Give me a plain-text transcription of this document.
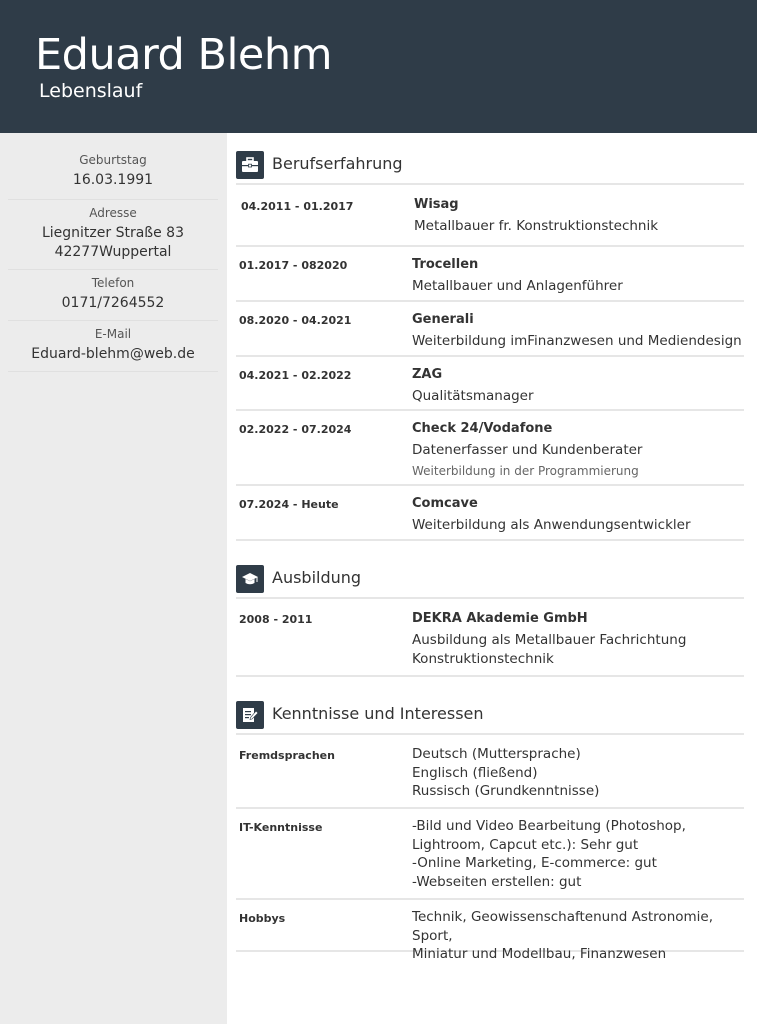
Eduard Blehm
Lebenslauf
Geburtstag
16.03.1991
Adresse
Liegnitzer Straße 83
42277Wuppertal
Telefon
0171/7264552
E-Mail
Eduard-blehm@web.de
Berufserfahrung
04.2011 - 01.2017	Wisag
Metallbauer fr. Konstruktionstechnik
01.2017 - 082020	Trocellen
Metallbauer und Anlagenführer
08.2020 - 04.2021	Generali
Weiterbildung imFinanzwesen und Mediendesign
04.2021 - 02.2022	ZAG
Qualitätsmanager
02.2022 - 07.2024	Check 24/Vodafone
Datenerfasser und Kundenberater
Weiterbildung in der Programmierung
07.2024 - Heute	Comcave
Weiterbildung als Anwendungsentwickler
Ausbildung
2008 - 2011	DEKRA Akademie GmbH
Ausbildung als Metallbauer Fachrichtung
Konstruktionstechnik
Kenntnisse und Interessen
Fremdsprachen	Deutsch (Muttersprache)
Englisch (fließend)
Russisch (Grundkenntnisse)
IT-Kenntnisse	-Bild und Video Bearbeitung (Photoshop,
Lightroom, Capcut etc.): Sehr gut
-Online Marketing, E-commerce: gut
-Webseiten erstellen: gut
Hobbys	Technik, Geowissenschaftenund Astronomie, Sport,
Miniatur und Modellbau, Finanzwesen
